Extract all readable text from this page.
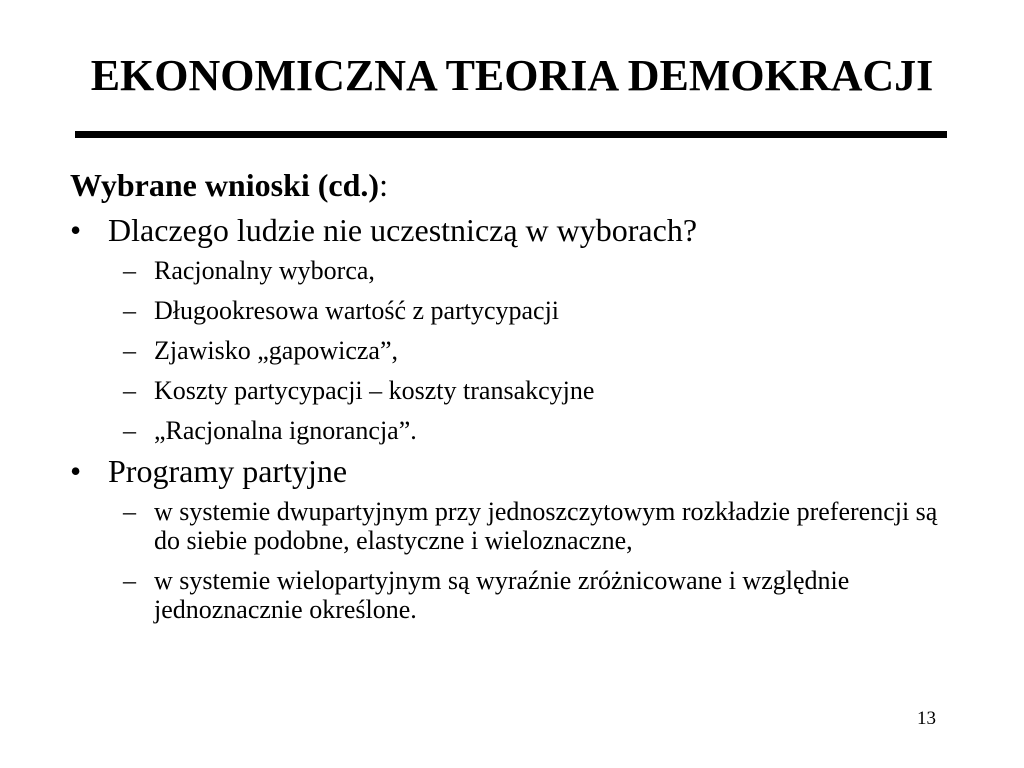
EKONOMICZNA TEORIA DEMOKRACJI

Wybrane wnioski (cd.):

• Dlaczego ludzie nie uczestniczą w wyborach?
– Racjonalny wyborca,
– Długookresowa wartość z partycypacji
– Zjawisko „gapowicza”,
– Koszty partycypacji – koszty transakcyjne
– „Racjonalna ignorancja”.
• Programy partyjne
– w systemie dwupartyjnym przy jednoszczytowym rozkładzie preferencji są do siebie podobne, elastyczne i wieloznaczne,
– w systemie wielopartyjnym są wyraźnie zróżnicowane i względnie jednoznacznie określone.
13
